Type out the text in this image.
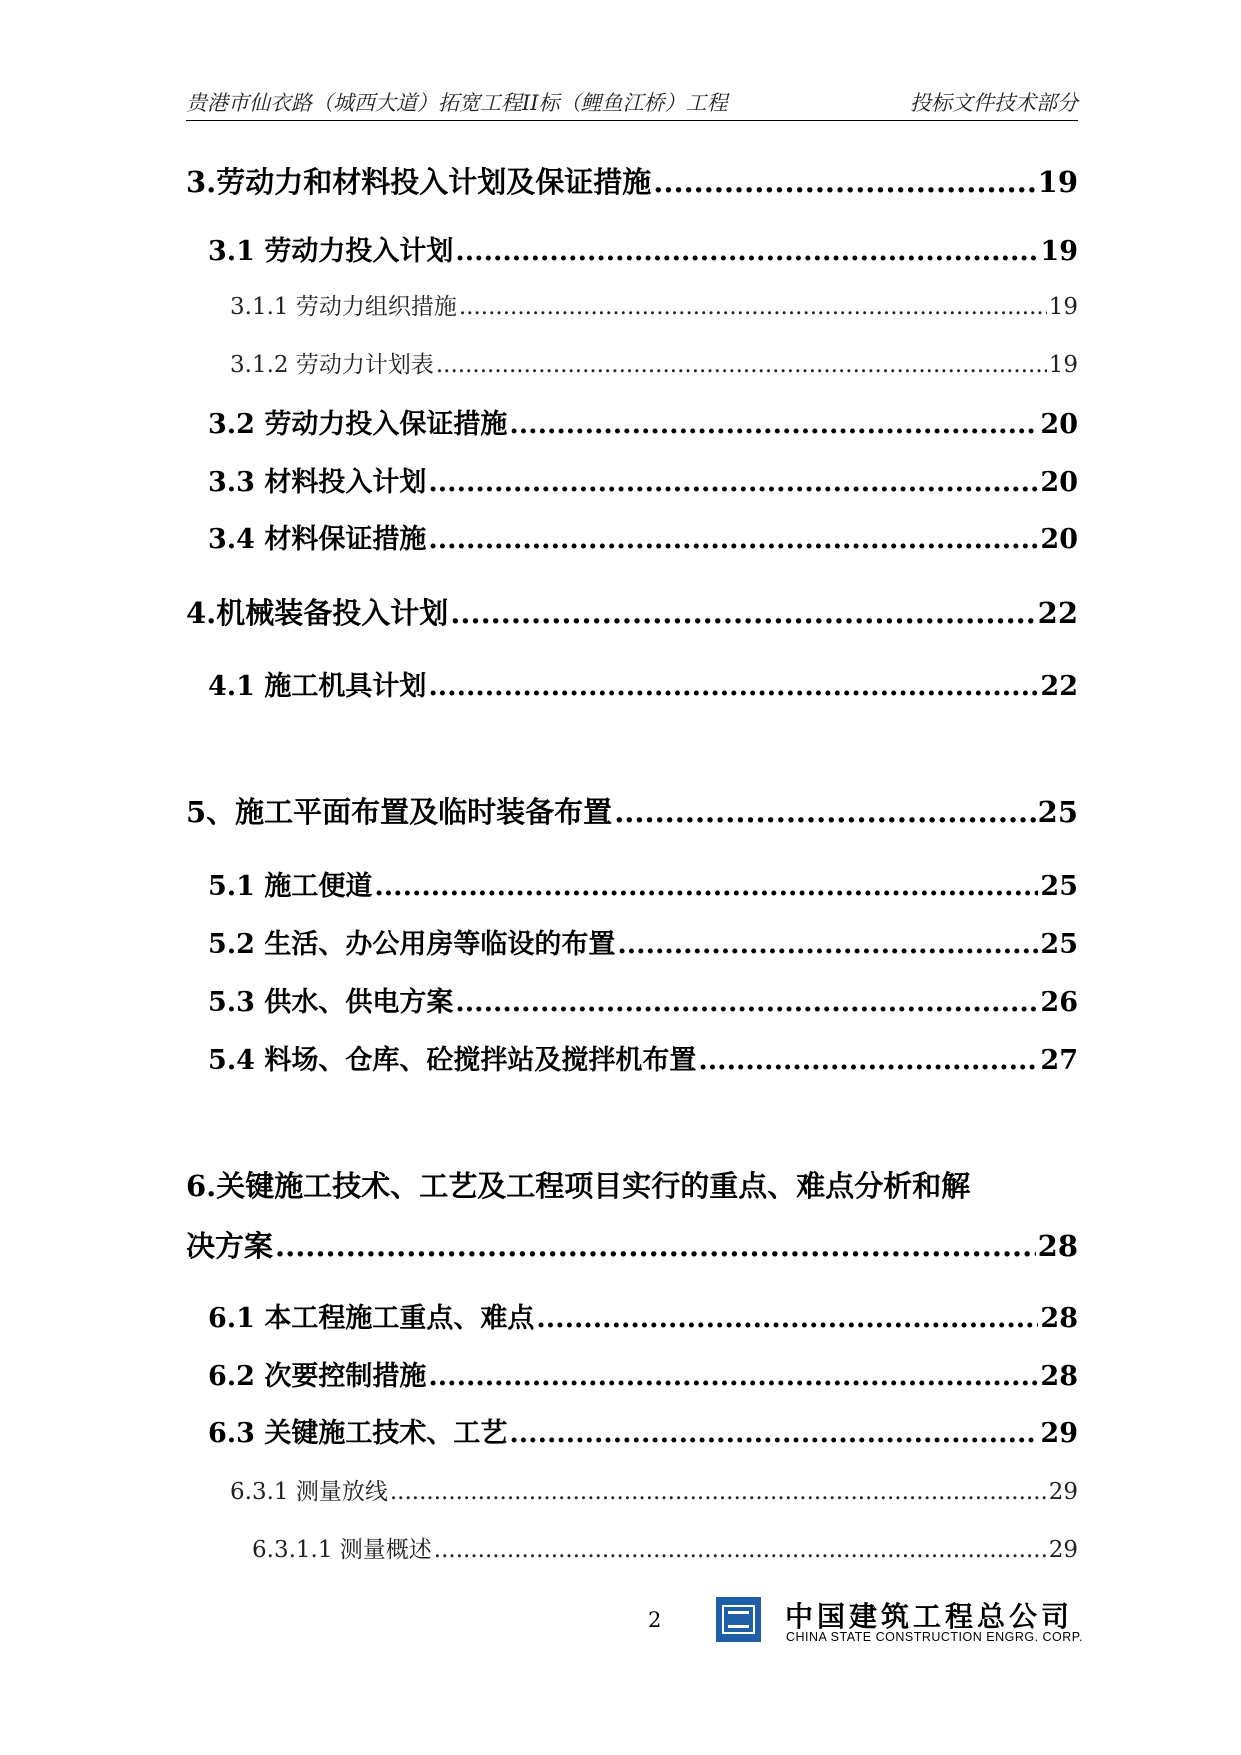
贵港市仙衣路（城西大道）拓宽工程II标（鲤鱼江桥）工程	投标文件技术部分
3.劳动力和材料投入计划及保证措施 .....	19
3.1 劳动力投入计划 .....	19
3.1.1 劳动力组织措施 .....	19
3.1.2 劳动力计划表 .....	19
3.2 劳动力投入保证措施 .....	20
3.3 材料投入计划 .....	20
3.4 材料保证措施 .....	20
4.机械装备投入计划 .....	22
4.1 施工机具计划 .....	22
5、施工平面布置及临时装备布置 .....	25
5.1 施工便道 .....	25
5.2 生活、办公用房等临设的布置 .....	25
5.3 供水、供电方案 .....	26
5.4 料场、仓库、砼搅拌站及搅拌机布置 .....	27
6.关键施工技术、工艺及工程项目实行的重点、难点分析和解
决方案 .....	28
6.1 本工程施工重点、难点 .....	28
6.2 次要控制措施 .....	28
6.3 关键施工技术、工艺 .....	29
6.3.1 测量放线 .....	29
6.3.1.1 测量概述 .....	29
2	中国建筑工程总公司
CHINA STATE CONSTRUCTION ENGRG. CORP.
